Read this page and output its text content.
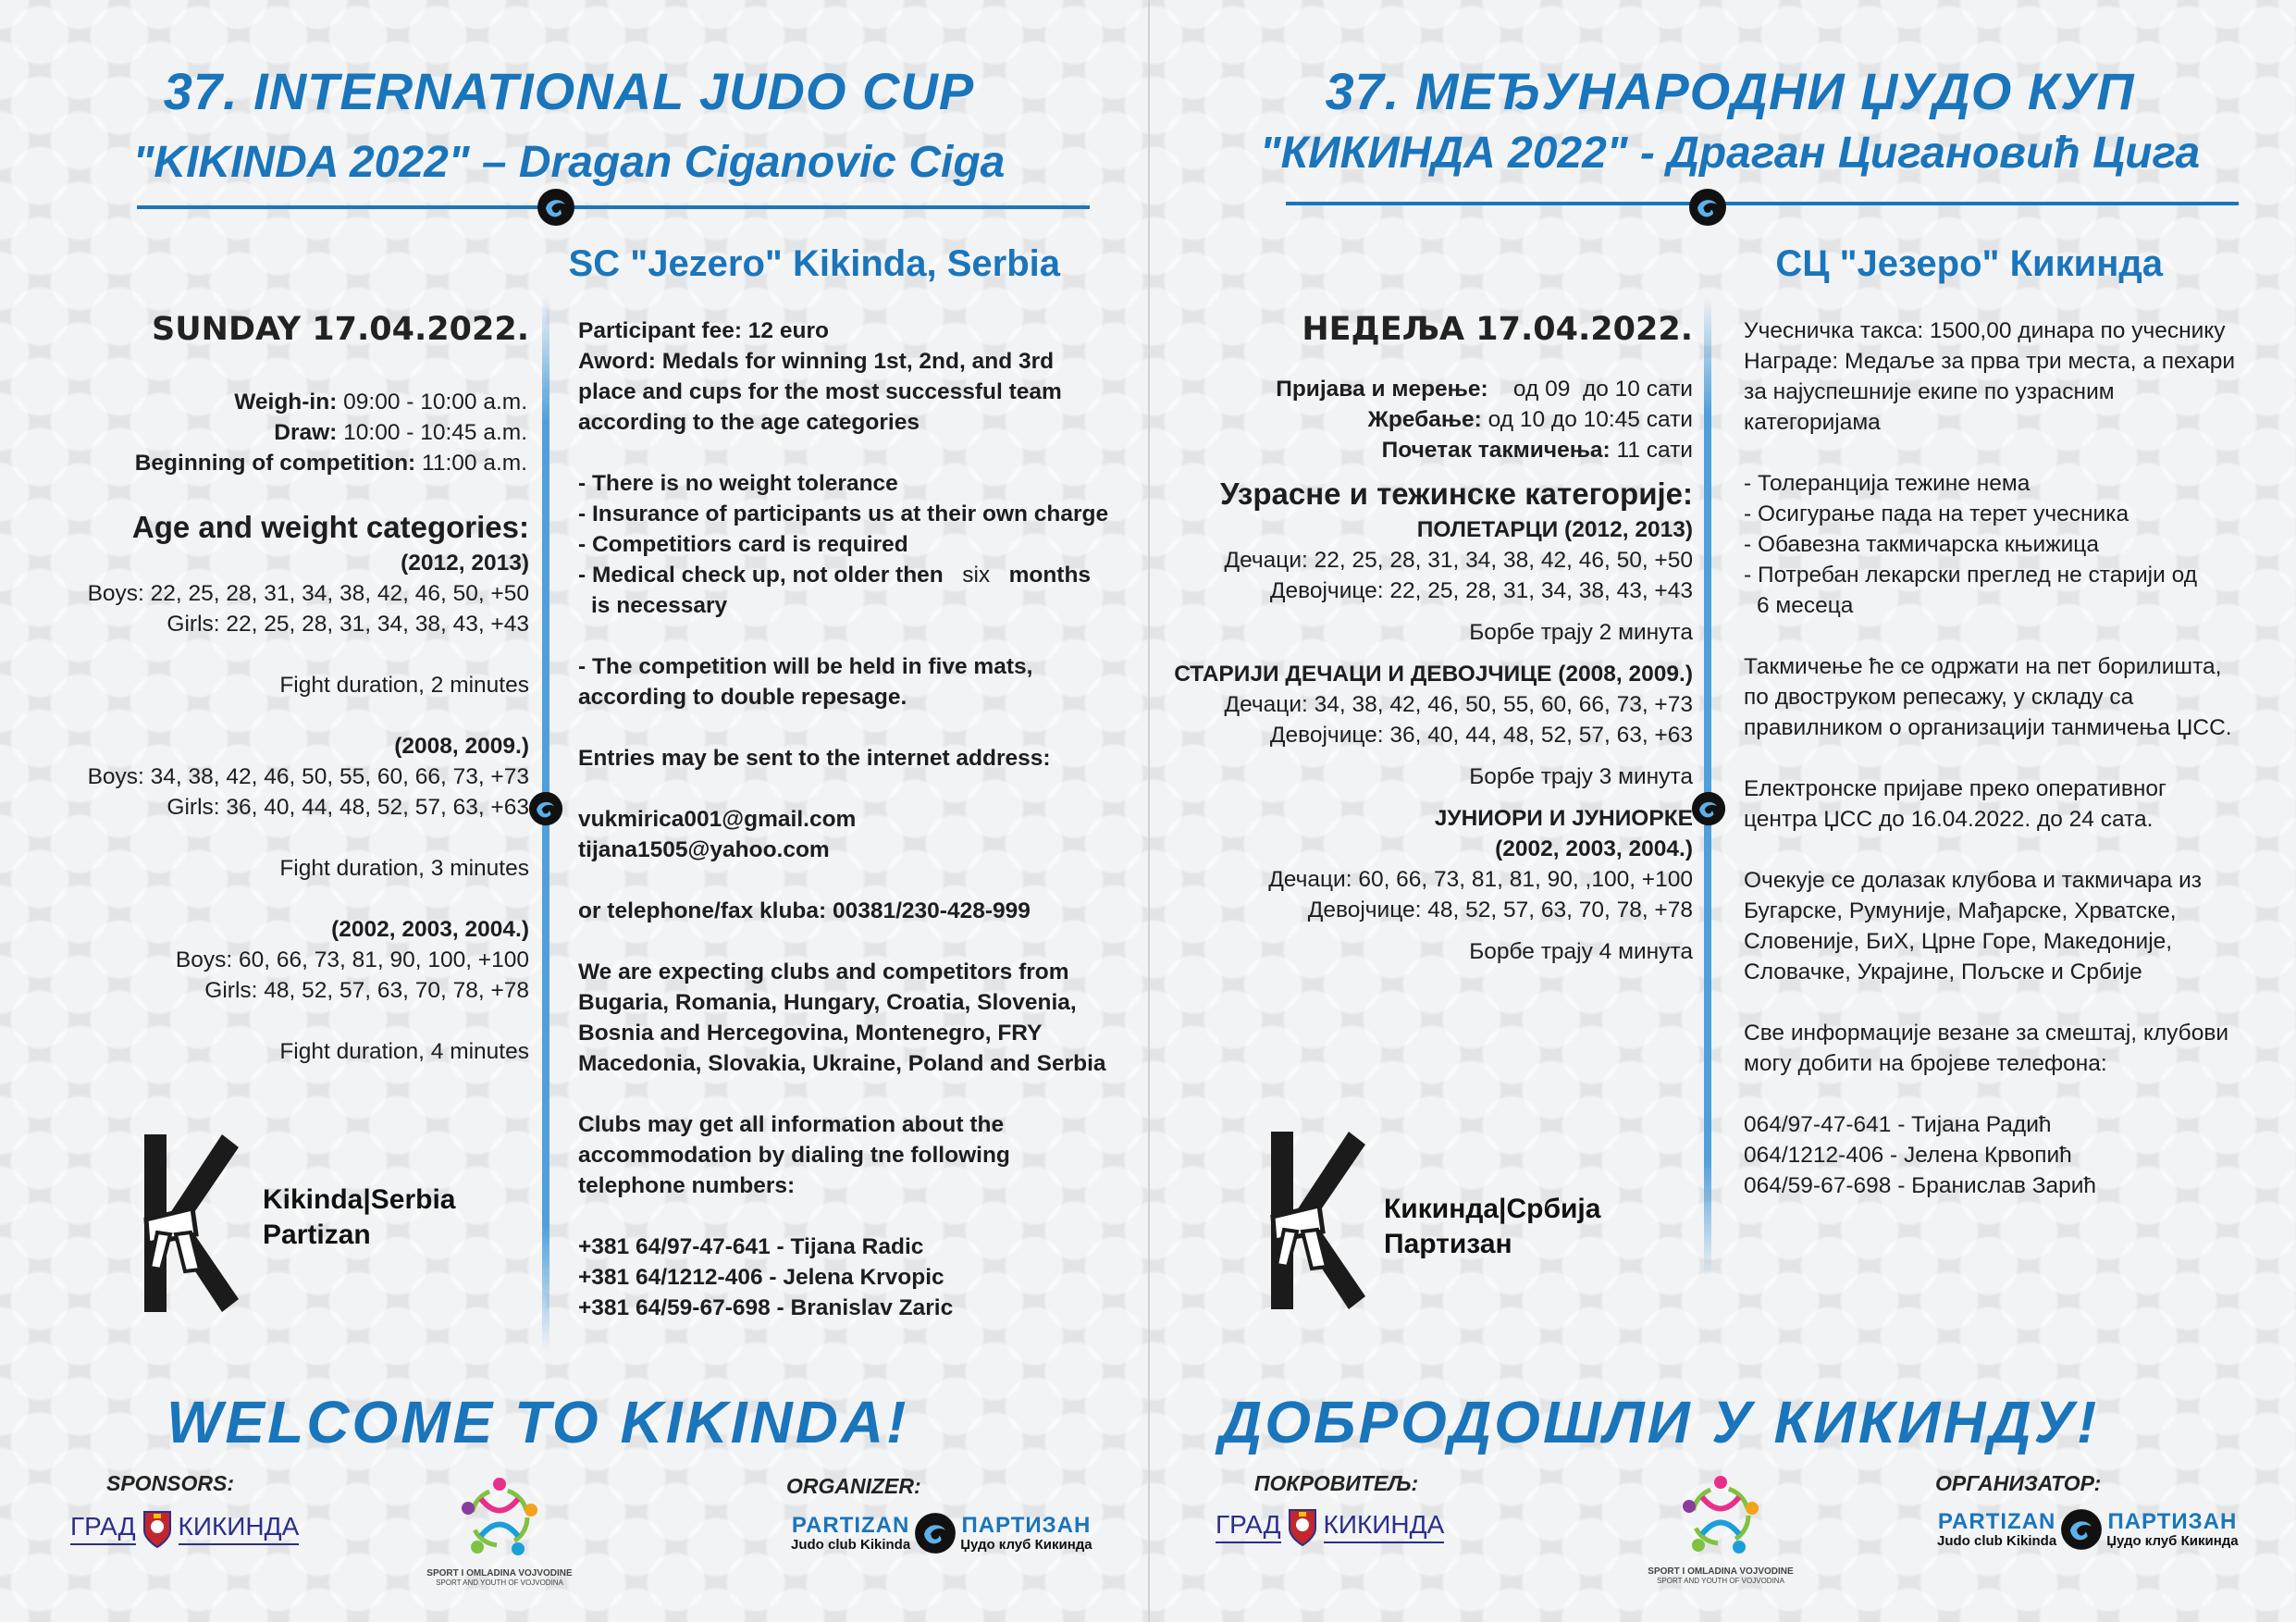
37. INTERNATIONAL JUDO CUP
"KIKINDA 2022" – Dragan Ciganovic Ciga
SC "Jezero" Kikinda, Serbia
SUNDAY 17.04.2022.
Weigh-in: 09:00 - 10:00 a.m.
Draw: 10:00 - 10:45 a.m.
Beginning of competition: 11:00 a.m.
Age and weight categories:
(2012, 2013)
Boys: 22, 25, 28, 31, 34, 38, 42, 46, 50, +50
Girls: 22, 25, 28, 31, 34, 38, 43, +43
Fight duration, 2 minutes
(2008, 2009.)
Boys: 34, 38, 42, 46, 50, 55, 60, 66, 73, +73
Girls: 36, 40, 44, 48, 52, 57, 63, +63
Fight duration, 3 minutes
(2002, 2003, 2004.)
Boys: 60, 66, 73, 81, 90, 100, +100
Girls: 48, 52, 57, 63, 70, 78, +78
Fight duration, 4 minutes
Participant fee: 12 euro
Aword: Medals for winning 1st, 2nd, and 3rd
place and cups for the most successful team
according to the age categories
- There is no weight tolerance
- Insurance of participants us at their own charge
- Competitiors card is required
- Medical check up, not older then six months
is necessary
- The competition will be held in five mats,
according to double repesage.
Entries may be sent to the internet address:
vukmirica001@gmail.com
tijana1505@yahoo.com
or telephone/fax kluba: 00381/230-428-999
We are expecting clubs and competitors from
Bugaria, Romania, Hungary, Croatia, Slovenia,
Bosnia and Hercegovina, Montenegro, FRY
Macedonia, Slovakia, Ukraine, Poland and Serbia
Clubs may get all information about the
accommodation by dialing tne following
telephone numbers:
+381 64/97-47-641 - Tijana Radic
+381 64/1212-406 - Jelena Krvopic
+381 64/59-67-698 - Branislav Zaric
Kikinda|Serbia
Partizan
WELCOME TO KIKINDA!
SPONSORS:	ORGANIZER:
ГРАД КИКИНДА
SPORT I OMLADINA VOJVODINE
SPORT AND YOUTH OF VOJVODINA
PARTIZAN
Judo club Kikinda
ПАРТИЗАН
Џудо клуб Кикинда
37. МЕЂУНАРОДНИ ЏУДО КУП
"КИКИНДА 2022" - Драган Цигановић Цига
СЦ "Језеро" Кикинда
НЕДЕЉА 17.04.2022.
Пријава и мерење:    од 09  до 10 сати
Жребање: од 10 до 10:45 сати
Почетак такмичења: 11 сати
Узрасне и тежинске категорије:
ПОЛЕТАРЦИ (2012, 2013)
Дечаци: 22, 25, 28, 31, 34, 38, 42, 46, 50, +50
Девојчице: 22, 25, 28, 31, 34, 38, 43, +43
Борбе трају 2 минута
СТАРИЈИ ДЕЧАЦИ И ДЕВОЈЧИЦЕ (2008, 2009.)
Дечаци: 34, 38, 42, 46, 50, 55, 60, 66, 73, +73
Девојчице: 36, 40, 44, 48, 52, 57, 63, +63
Борбе трају 3 минута
ЈУНИОРИ И ЈУНИОРКЕ
(2002, 2003, 2004.)
Дечаци: 60, 66, 73, 81, 81, 90, ,100, +100
Девојчице: 48, 52, 57, 63, 70, 78, +78
Борбе трају 4 минута
Учесничка такса: 1500,00 динара по учеснику
Награде: Медаље за прва три места, а пехари
за најуспешније екипе по узрасним
категоријама
- Толеранција тежине нема
- Осигурање пада на терет учесника
- Обавезна такмичарска књижица
- Потребан лекарски преглед не старији од
6 месеца
Такмичење ће се одржати на пет борилишта,
по двоструком репесажу, у складу са
правилником о организацији танмичења ЏСС.
Електронске пријаве преко оперативног
центра ЏСС до 16.04.2022. до 24 сата.
Очекује се долазак клубова и такмичара из
Бугарске, Румуније, Мађарске, Хрватске,
Словеније, БиХ, Црне Горе, Македоније,
Словачке, Украјине, Пољске и Србије
Све информације везане за смештај, клубови
могу добити на бројеве телефона:
064/97-47-641 - Тијана Радић
064/1212-406 - Јелена Крвопић
064/59-67-698 - Бранислав Зарић
Кикинда|Србија
Партизан
ДОБРОДОШЛИ У КИКИНДУ!
ПОКРОВИТЕЉ:	ОРГАНИЗАТОР:
ГРАД КИКИНДА
SPORT I OMLADINA VOJVODINE
SPORT AND YOUTH OF VOJVODINA
PARTIZAN
Judo club Kikinda
ПАРТИЗАН
Џудо клуб Кикинда
